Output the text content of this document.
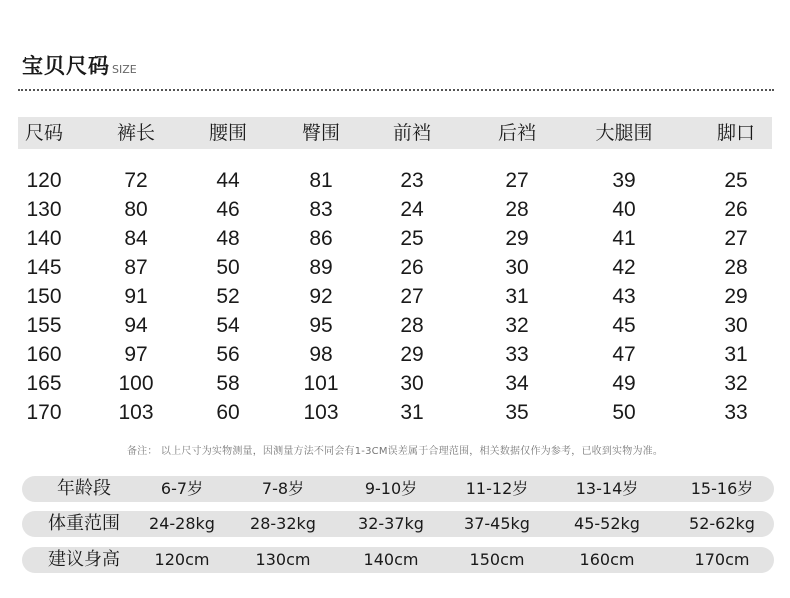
宝贝尺码 SIZE
尺码	裤长	腰围	臀围	前裆	后裆	大腿围	脚口
120	72	44	81	23	27	39	25
130	80	46	83	24	28	40	26
140	84	48	86	25	29	41	27
145	87	50	89	26	30	42	28
150	91	52	92	27	31	43	29
155	94	54	95	28	32	45	30
160	97	56	98	29	33	47	31
165	100	58	101	30	34	49	32
170	103	60	103	31	35	50	33
备注： 以上尺寸为实物测量，因测量方法不同会有1-3CM误差属于合理范围，相关数据仅作为参考，已收到实物为准。
年龄段	6-7岁	7-8岁	9-10岁	11-12岁	13-14岁	15-16岁
体重范围 24-28kg 28-32kg	32-37kg	37-45kg	45-52kg	52-62kg
建议身高 120cm	130cm	140cm	150cm	160cm	170cm
